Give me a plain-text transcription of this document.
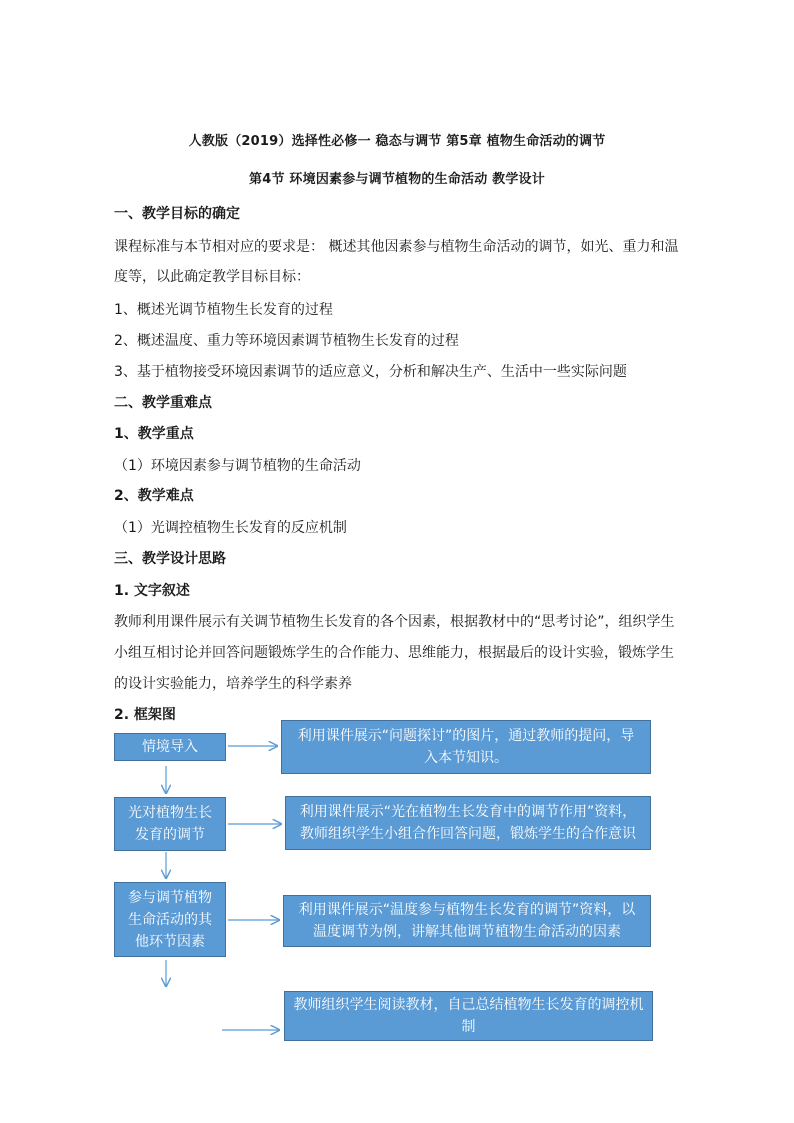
人教版（2019）选择性必修一 稳态与调节 第5章 植物生命活动的调节
第4节 环境因素参与调节植物的生命活动 教学设计
一、教学目标的确定
课程标准与本节相对应的要求是： 概述其他因素参与植物生命活动的调节，如光、重力和温
度等，以此确定教学目标目标：
1、概述光调节植物生长发育的过程
2、概述温度、重力等环境因素调节植物生长发育的过程
3、基于植物接受环境因素调节的适应意义，分析和解决生产、生活中一些实际问题
二、教学重难点
1、教学重点
（1）环境因素参与调节植物的生命活动
2、教学难点
（1）光调控植物生长发育的反应机制
三、教学设计思路
1. 文字叙述
教师利用课件展示有关调节植物生长发育的各个因素，根据教材中的“思考讨论”，组织学生
小组互相讨论并回答问题锻炼学生的合作能力、思维能力，根据最后的设计实验，锻炼学生
的设计实验能力，培养学生的科学素养
2. 框架图
情境导入
光对植物生长
发育的调节
参与调节植物
生命活动的其
他环节因素
利用课件展示“问题探讨”的图片，通过教师的提问，导
入本节知识。
利用课件展示“光在植物生长发育中的调节作用”资料，
教师组织学生小组合作回答问题，锻炼学生的合作意识
利用课件展示“温度参与植物生长发育的调节”资料，以
温度调节为例，讲解其他调节植物生命活动的因素
教师组织学生阅读教材，自己总结植物生长发育的调控机
制
